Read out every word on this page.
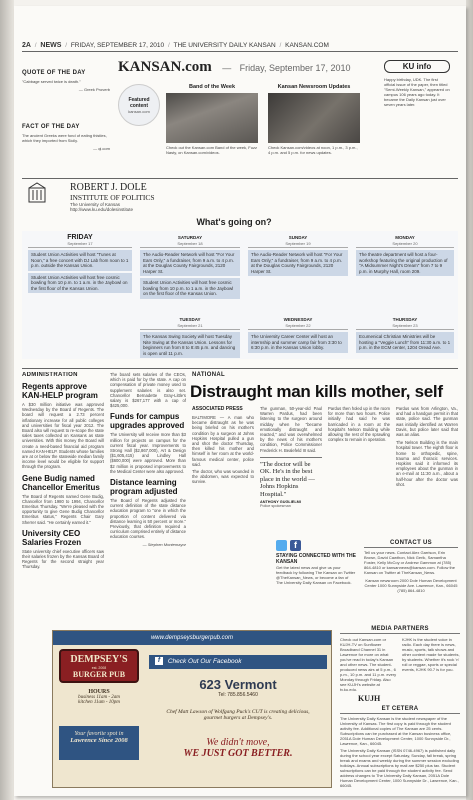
2A / NEWS / FRIDAY, SEPTEMBER 17, 2010 / THE UNIVERSITY DAILY KANSAN / KANSAN.COM
QUOTE OF THE DAY
"Cabbage served twice is death."
— Greek Proverb
FACT OF THE DAY
The ancient Greeks were fond of eating thistles, which they imported from Sicily.
— qi.com
KANSAN.com — Friday, September 17, 2010
Featured content
kansan.com
Band of the Week
Check out the Kansan.com Band of the week, Fuzz Nasty, on Kansan.com/videos.
Kansan Newsroom Updates
Check Kansan.com/videos at noon, 1 p.m., 3 p.m., 4 p.m. and 5 p.m. for news updates.
KU info
Happy birthday, UDK. The first official issue of the paper, then titled "Semi-Weekly Kansan," appeared on campus 106 years ago today. It became the Daily Kansan just over seven years later.
ROBERT J. DOLE
INSTITUTE OF POLITICS
The University of Kansas
http://www.ku.edu/dolesinstitute
What's going on?
FRIDAY
September 17
Student Union Activities will host "Tunes at Noon," a free concert with DJ Lab from noon to 1 p.m. outside the Kansas Union.
Student Union Activities will host free cosmic bowling from 10 p.m. to 1 a.m. in the Jaybowl on the first floor of the Kansas Union.
SATURDAY
September 18
The Audio-Reader Network will host "For Your Ears Only," a fundraiser, from 9 a.m. to 4 p.m. at the Douglas County Fairgrounds, 2120 Harper St.
Student Union Activities will host free cosmic bowling from 10 p.m. to 1 a.m. in the Jaybowl on the first floor of the Kansas Union.
SUNDAY
September 19
The Audio-Reader Network will host "For Your Ears Only," a fundraiser, from 9 a.m. to 4 p.m. at the Douglas County Fairgrounds, 2120 Harper St.
MONDAY
September 20
The theatre department will host a four-workshop featuring the original production of "A Midsummer Night's Dream" from 7 to 9 p.m. in Murphy Hall, room 209.
TUESDAY
September 21
The Kansas Swing Society will host Tuesday Nite Swing at the Kansas Union. Lessons for beginners run from 8 to 8:45 p.m. and dancing is open until 11 p.m.
WEDNESDAY
September 22
The University Career Center will host an internship and summer camp fair from 3:30 to 6:30 p.m. in the Kansas Union lobby.
THURSDAY
September 23
Ecumenical Christian Ministries will be hosting a "Veggie Lunch" from 11:30 a.m. to 1 p.m. in the ECM center, 1204 Oread Ave.
ADMINISTRATION
Regents approve KAN-HELP program
A $30 million initiative was approved Wednesday by the Board of Regents. The board will request a 2.73 percent inflationary increase for all public colleges and universities for fiscal year 2012. The Board also will request to re-scope the state sales taxes collected on Kansans as state universities. With this money the Board will create a need-based financial aid program named KAN-HELP. Students whose families are at or below the statewide median family income level would be eligible for support through the program.
Gene Budig named Chancellor Emeritus
The Board of Regents named Gene Budig, Chancellor from 1980 to 1994, Chancellor Emeritus Thursday. "We're pleased with the opportunity to give Gene Budig Chancellor Emeritus status," Regents Chair Gary Sherrer said. "He certainly earned it."
University CEO Salaries Frozen
State university chief executive officers saw their salaries frozen by the Kansas Board of Regents for the second straight year Thursday.
The board sets salaries of the CEOs, which is paid for by the state. A cap on compensation of private money used to supplement salaries is also set. Chancellor Bernadette Gray-Little's salary is $267,177 with a cap of $425,000.
Funds for campus upgrades approved
The University will receive more than $3 million for projects on campus for the current fiscal year. Improvements to Strong Hall ($2,867,000), Art & Design ($1,605,415) and Lindley Hall ($600,000) were approved. More than $2 million is proposed improvements to the Medical Center were also approved.
Distance learning program adjusted
The Board of Regents adjusted the current definition of the state distance education program to "one in which the proportion of content delivered via distance learning is 50 percent or more." Previously, that definition required a curriculum comprised entirely of distance education courses.
— Stephen Montemayor
NATIONAL
Distraught man kills mother, self
ASSOCIATED PRESS
BALTIMORE — A man who became distraught as he was being briefed on his mother's condition by a surgeon at Johns Hopkins Hospital pulled a gun and shot the doctor Thursday, then killed his mother and himself in her room at the world-famous medical center, police said.
The doctor, who was wounded in the abdomen, was expected to survive.
The gunman, 50-year-old Paul Warren Pardus, had been listening to the surgeon around midday when he "became emotionally distraught and reacted," and was overwhelmed by the news of his mother's condition, Police Commissioner Frederick H. Bealefeld III said.
"The doctor will be OK. He's in the best place in the world — Johns Hopkins Hospital."
ANTHONY GUGLIELMI
Police spokesman
Pardus then holed up in the room for more than two hours. Police initially had said he was barricaded in a room at the hospital's Nelson Building while allowing the rest of the sprawling complex to remain in operation.
Pardus was from Arlington, Va., and had a handgun permit in that state, police said. The gunman was initially identified as Warren Davis, but police later said that was an alias.
The Nelson Building is the main hospital tower. The eighth floor is home to orthopedic, spine, trauma and thoracic services. Hopkins said it informed its employees about the gunman in an e-mail at 11:30 a.m., about a half-hour after the doctor was shot.
f
STAYING CONNECTED WITH THE KANSAN
Get the latest news and give us your feedback by following The Kansan on Twitter @TheKansan_News, or become a fan of The University Daily Kansan on Facebook.
CONTACT US
Tell us your news. Contact Alex Garrison, Erin Brown, David Cawthon, Nick Gerik, Samantha Foster, Kelly McCoy or Andrew Gammon at (785) 864-4810 or kansannews@kansan.com. Follow the Kansan on Twitter at TheKansan_News.
Kansan newsroom 2000 Dole Human Development Center 1000 Sunnyside Ave. Lawrence, Kan., 66045 (785) 864-4810
MEDIA PARTNERS
Check out Kansan.com or KUJH-TV on Sunflower Broadband Channel 31 in Lawrence for more on what you've read in today's Kansan and other news. The student-produced news airs at 5 p.m., 6 p.m., 10 p.m. and 11 p.m. every Monday through Friday. Also see KUJH's website at tv.ku.edu.
KJHK is the student voice in radio. Each day there is news, music, sports, talk shows and other content made for students, by students. Whether it's rock 'n' roll or reggae, sports or special events, KJHK 90.7 is for you.
KUJH
ET CETERA
The University Daily Kansan is the student newspaper of the University of Kansas. The first copy is paid through the student activity fee. Additional copies of The Kansan are 25 cents. Subscriptions can be purchased at the Kansan business office, 2051A Dole Human Development Center, 1000 Sunnyside Dr., Lawrence, Kan., 66045.
The University Daily Kansan (ISSN 0746-4967) is published daily during the school year except Saturday, Sunday, fall break, spring break and exams and weekly during the summer session excluding holidays. Annual subscriptions by mail are $250 plus tax. Student subscriptions can be paid through the student activity fee. Send address changes to The University Daily Kansan, 2051A Dole Human Development Center, 1000 Sunnyside Dr., Lawrence, Kan., 66045.
www.dempseysburgerpub.com
DEMPSEY'S
est. 2008
BURGER PUB
f Check Out Our Facebook
HOURS
business 11am - 2am
kitchen 11am - 10pm
Your favorite spot in
Lawrence Since 2008
623 Vermont
Tel: 785.856.5460
Chef Matt Lawson of Wolfgang Puck's CUT is creating delicious, gourmet burgers at Dempsey's.
We didn't move,
WE JUST GOT BETTER.
